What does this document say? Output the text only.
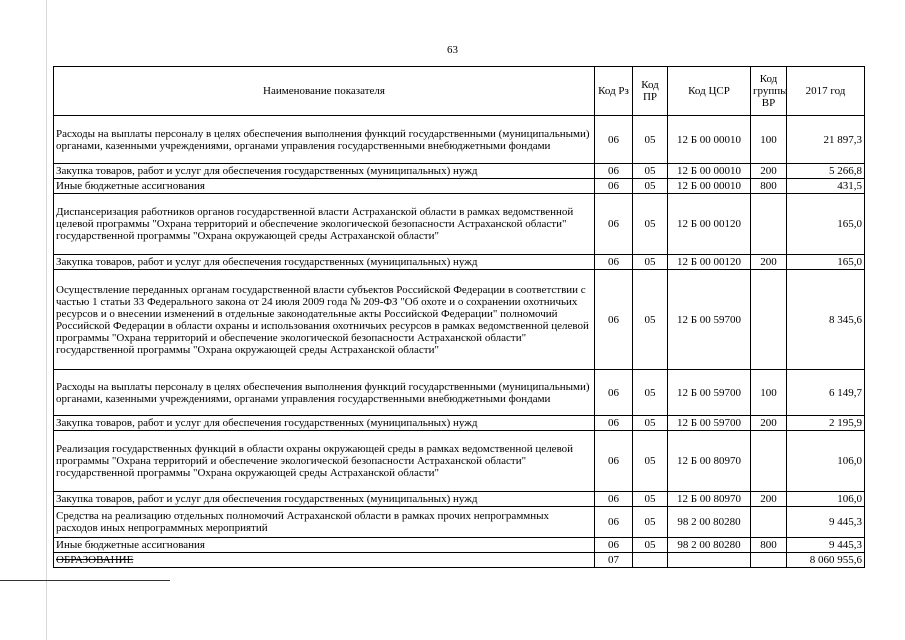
63
Наименование показателя	Код Рз	Код ПР	Код ЦСР	Код группы ВР	2017 год
Расходы на выплаты персоналу в целях обеспечения выполнения функций государственными (муниципальными) органами, казенными учреждениями, органами управления государственными внебюджетными фондами	06	05	12 Б 00 00010	100	21 897,3
Закупка товаров, работ и услуг для обеспечения государственных (муниципальных) нужд	06	05	12 Б 00 00010	200	5 266,8
Иные бюджетные ассигнования	06	05	12 Б 00 00010	800	431,5
Диспансеризация работников органов государственной власти Астраханской области в рамках ведомственной целевой программы "Охрана территорий и обеспечение экологической безопасности Астраханской области" государственной программы "Охрана окружающей среды Астраханской области"	06	05	12 Б 00 00120		165,0
Закупка товаров, работ и услуг для обеспечения государственных (муниципальных) нужд	06	05	12 Б 00 00120	200	165,0
Осуществление переданных органам государственной власти субъектов Российской Федерации в соответствии с частью 1 статьи 33 Федерального закона от 24 июля 2009 года № 209-ФЗ "Об охоте и о сохранении охотничьих ресурсов и о внесении изменений в отдельные законодательные акты Российской Федерации" полномочий Российской Федерации в области охраны и использования охотничьих ресурсов в рамках ведомственной целевой программы "Охрана территорий и обеспечение экологической безопасности Астраханской области" государственной программы "Охрана окружающей среды Астраханской области"	06	05	12 Б 00 59700		8 345,6
Расходы на выплаты персоналу в целях обеспечения выполнения функций государственными (муниципальными) органами, казенными учреждениями, органами управления государственными внебюджетными фондами	06	05	12 Б 00 59700	100	6 149,7
Закупка товаров, работ и услуг для обеспечения государственных (муниципальных) нужд	06	05	12 Б 00 59700	200	2 195,9
Реализация государственных функций в области охраны окружающей среды в рамках ведомственной целевой программы "Охрана территорий и обеспечение экологической безопасности Астраханской области" государственной программы "Охрана окружающей среды Астраханской области"	06	05	12 Б 00 80970		106,0
Закупка товаров, работ и услуг для обеспечения государственных (муниципальных) нужд	06	05	12 Б 00 80970	200	106,0
Средства на реализацию отдельных полномочий Астраханской области в рамках прочих непрограммных расходов иных непрограммных мероприятий	06	05	98 2 00 80280		9 445,3
Иные бюджетные ассигнования	06	05	98 2 00 80280	800	9 445,3
ОБРАЗОВАНИЕ	07				8 060 955,6
